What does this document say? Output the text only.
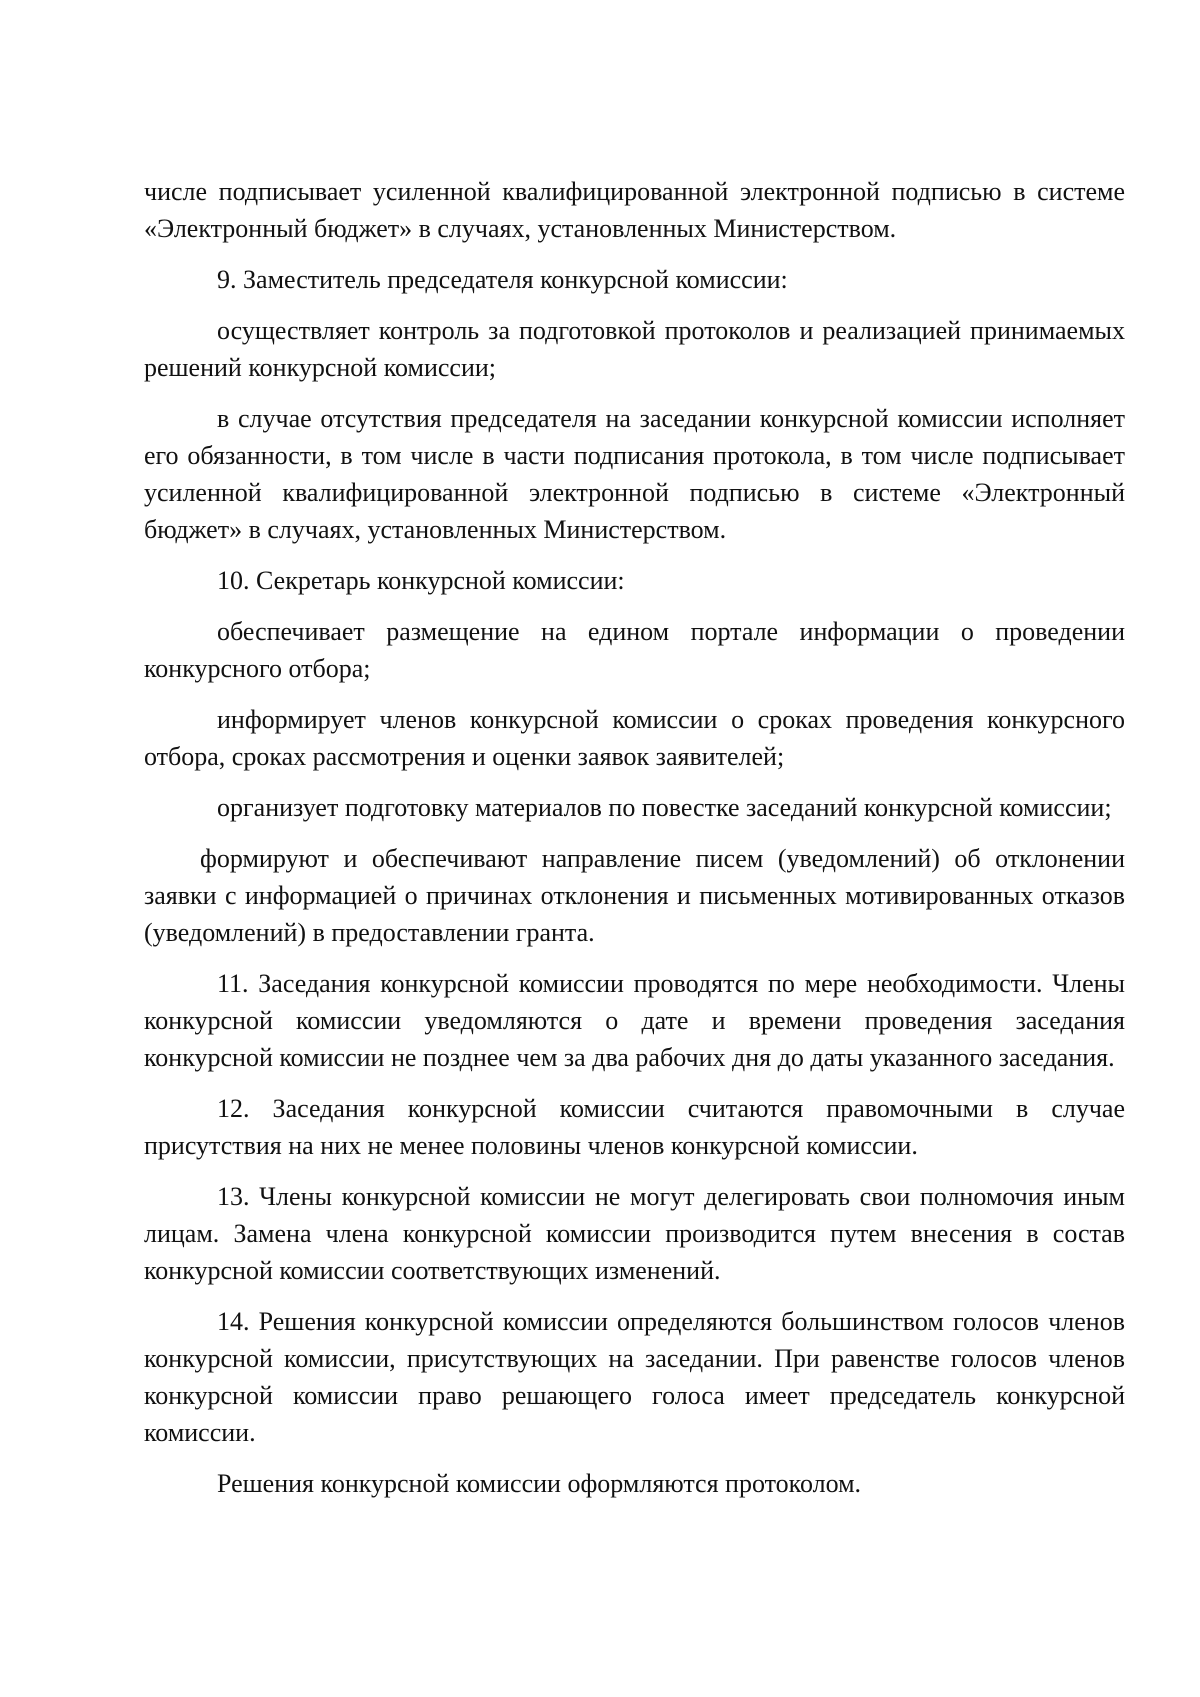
числе подписывает усиленной квалифицированной электронной подписью в системе «Электронный бюджет» в случаях, установленных Министерством.

9. Заместитель председателя конкурсной комиссии:

осуществляет контроль за подготовкой протоколов и реализацией принимаемых решений конкурсной комиссии;

в случае отсутствия председателя на заседании конкурсной комиссии исполняет его обязанности, в том числе в части подписания протокола, в том числе подписывает усиленной квалифицированной электронной подписью в системе «Электронный бюджет» в случаях, установленных Министерством.

10. Секретарь конкурсной комиссии:

обеспечивает размещение на едином портале информации о проведении конкурсного отбора;

информирует членов конкурсной комиссии о сроках проведения конкурсного отбора, сроках рассмотрения и оценки заявок заявителей;

организует подготовку материалов по повестке заседаний конкурсной комиссии;

формируют и обеспечивают направление писем (уведомлений) об отклонении заявки с информацией о причинах отклонения и письменных мотивированных отказов (уведомлений) в предоставлении гранта.

11. Заседания конкурсной комиссии проводятся по мере необходимости. Члены конкурсной комиссии уведомляются о дате и времени проведения заседания конкурсной комиссии не позднее чем за два рабочих дня до даты указанного заседания.

12. Заседания конкурсной комиссии считаются правомочными в случае присутствия на них не менее половины членов конкурсной комиссии.

13. Члены конкурсной комиссии не могут делегировать свои полномочия иным лицам. Замена члена конкурсной комиссии производится путем внесения в состав конкурсной комиссии соответствующих изменений.

14. Решения конкурсной комиссии определяются большинством голосов членов конкурсной комиссии, присутствующих на заседании. При равенстве голосов членов конкурсной комиссии право решающего голоса имеет председатель конкурсной комиссии.

Решения конкурсной комиссии оформляются протоколом.
